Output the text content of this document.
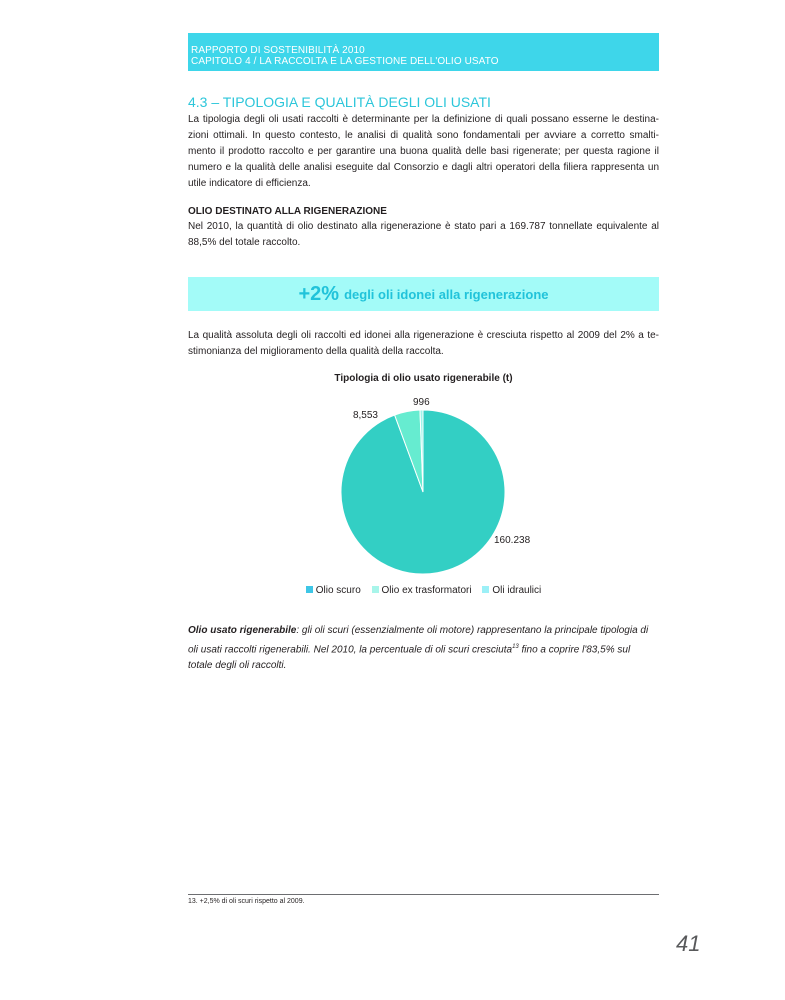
RAPPORTO DI SOSTENIBILITÀ 2010
CAPITOLO 4 / LA RACCOLTA E LA GESTIONE DELL'OLIO USATO
4.3 – TIPOLOGIA E QUALITÀ DEGLI OLI USATI

La tipologia degli oli usati raccolti è determinante per la definizione di quali possano esserne le destina-
zioni ottimali. In questo contesto, le analisi di qualità sono fondamentali per avviare a corretto smalti-
mento il prodotto raccolto e per garantire una buona qualità delle basi rigenerate; per questa ragione il
numero e la qualità delle analisi eseguite dal Consorzio e dagli altri operatori della filiera rappresenta un
utile indicatore di efficienza.

OLIO DESTINATO ALLA RIGENERAZIONE

Nel 2010, la quantità di olio destinato alla rigenerazione è stato pari a 169.787 tonnellate equivalente al
88,5% del totale raccolto.

+2% degli oli idonei alla rigenerazione

La qualità assoluta degli oli raccolti ed idonei alla rigenerazione è cresciuta rispetto al 2009 del 2% a te-
stimonianza del miglioramento della qualità della raccolta.

Tipologia di olio usato rigenerabile (t)
160.238
8,553
996
Olio scuro Olio ex trasformatori Oli idraulici

Olio usato rigenerabile: gli oli scuri (essenzialmente oli motore) rappresentano la principale tipologia di
oli usati raccolti rigenerabili. Nel 2010, la percentuale di oli scuri cresciuta$^{13}$ fino a coprire l'83,5% sul
totale degli oli raccolti.

13. +2,5% di oli scuri rispetto al 2009.
41
